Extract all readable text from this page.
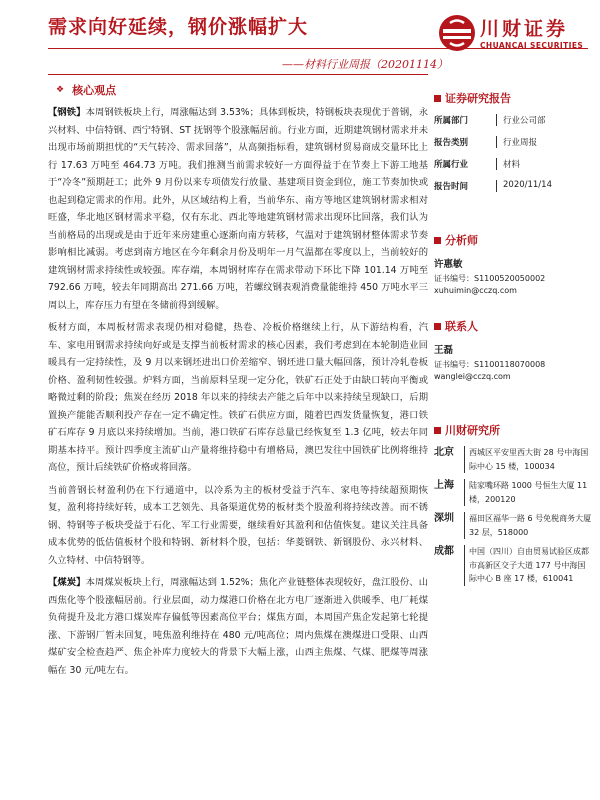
需求向好延续，钢价涨幅扩大	川财证券
CHUANCAI SECURITIES
——材料行业周报（20201114）
❖ 核心观点

【钢铁】本周钢铁板块上行，周涨幅达到 3.53%；具体到板块，特钢板块表现优于普钢，永兴材料、中信特钢、西宁特钢、ST 抚钢等个股涨幅居前。行业方面，近期建筑钢材需求并未出现市场前期担忧的“天气转冷、需求回落”，从高频指标看，建筑钢材贸易商成交量环比上行 17.63 万吨至 464.73 万吨。我们推测当前需求较好一方面得益于在节奏上下游工地基于“冷冬”预期赶工；此外 9 月份以来专项债发行放量、基建项目资金到位，施工节奏加快或也起到稳定需求的作用。此外，从区域结构上看，当前华东、南方等地区建筑钢材需求相对旺盛，华北地区钢材需求平稳，仅有东北、西北等地建筑钢材需求出现环比回落，我们认为当前格局的出现或是由于近年来房建重心逐渐向南方转移，气温对于建筑钢材整体需求节奏影响相比减弱。考虑到南方地区在今年剩余月份及明年一月气温都在零度以上，当前较好的建筑钢材需求持续性或较强。库存端，本周钢材库存在需求带动下环比下降 101.14 万吨至 792.66 万吨，较去年同期高出 271.66 万吨，若螺纹钢表观消费量能维持 450 万吨水平三周以上，库存压力有望在冬储前得到缓解。

板材方面，本周板材需求表现仍相对稳健，热卷、冷板价格继续上行，从下游结构看，汽车、家电用钢需求持续向好或是支撑当前板材需求的核心因素，我们考虑到在本轮制造业回暖具有一定持续性，及 9 月以来钢坯进出口价差缩窄、钢坯进口量大幅回落，预计冷轧卷板价格、盈利韧性较强。炉料方面，当前原料呈现一定分化，铁矿石正处于由缺口转向平衡或略微过剩的阶段；焦炭在经历 2018 年以来的持续去产能之后年中以来持续呈现缺口，后期置换产能能否顺利投产存在一定不确定性。铁矿石供应方面，随着巴西发货量恢复，港口铁矿石库存 9 月底以来持续增加。当前，港口铁矿石库存总量已经恢复至 1.3 亿吨，较去年同期基本持平。预计四季度主流矿山产量将维持稳中有增格局，澳巴发往中国铁矿比例将维持高位，预计后续铁矿价格或将回落。

当前普钢长材盈利仍在下行通道中，以冷系为主的板材受益于汽车、家电等持续超预期恢复，盈利将持续好转，成本工艺领先、具备渠道优势的板材类个股盈利将持续改善。而不锈钢、特钢等子板块受益于石化、军工行业需要，继续看好其盈利和估值恢复。建议关注具备成本优势的低估值板材个股和特钢、新材料个股，包括：华菱钢铁、新钢股份、永兴材料、久立特材、中信特钢等。

【煤炭】本周煤炭板块上行，周涨幅达到 1.52%；焦化产业链整体表现较好，盘江股份、山西焦化等个股涨幅居前。行业层面，动力煤港口价格在北方电厂逐渐进入供暖季、电厂耗煤负荷提升及北方港口煤炭库存偏低等因素高位平台；煤焦方面，本周国产焦企发起第七轮提涨、下游钢厂暂未回复，吨焦盈利维持在 480 元/吨高位；周内焦煤在澳煤进口受限、山西煤矿安全检查趋严、焦企补库力度较大的背景下大幅上涨，山西主焦煤、气煤、肥煤等周涨幅在 30 元/吨左右。

证券研究报告
所属部门	行业公司部
报告类别	行业周报
所属行业	材料
报告时间	2020/11/14
分析师
许惠敏
证书编号：S1100520050002
xuhuimin@cczq.com
联系人
王磊
证书编号：S1100118070008
wanglei@cczq.com
川财研究所
北京	西城区平安里西大街 28 号中海国际中心 15 楼，100034
上海	陆家嘴环路 1000 号恒生大厦 11 楼，200120
深圳	福田区福华一路 6 号免税商务大厦 32 层，518000
成都	中国（四川）自由贸易试验区成都市高新区交子大道 177 号中海国际中心 B 座 17 楼，610041
